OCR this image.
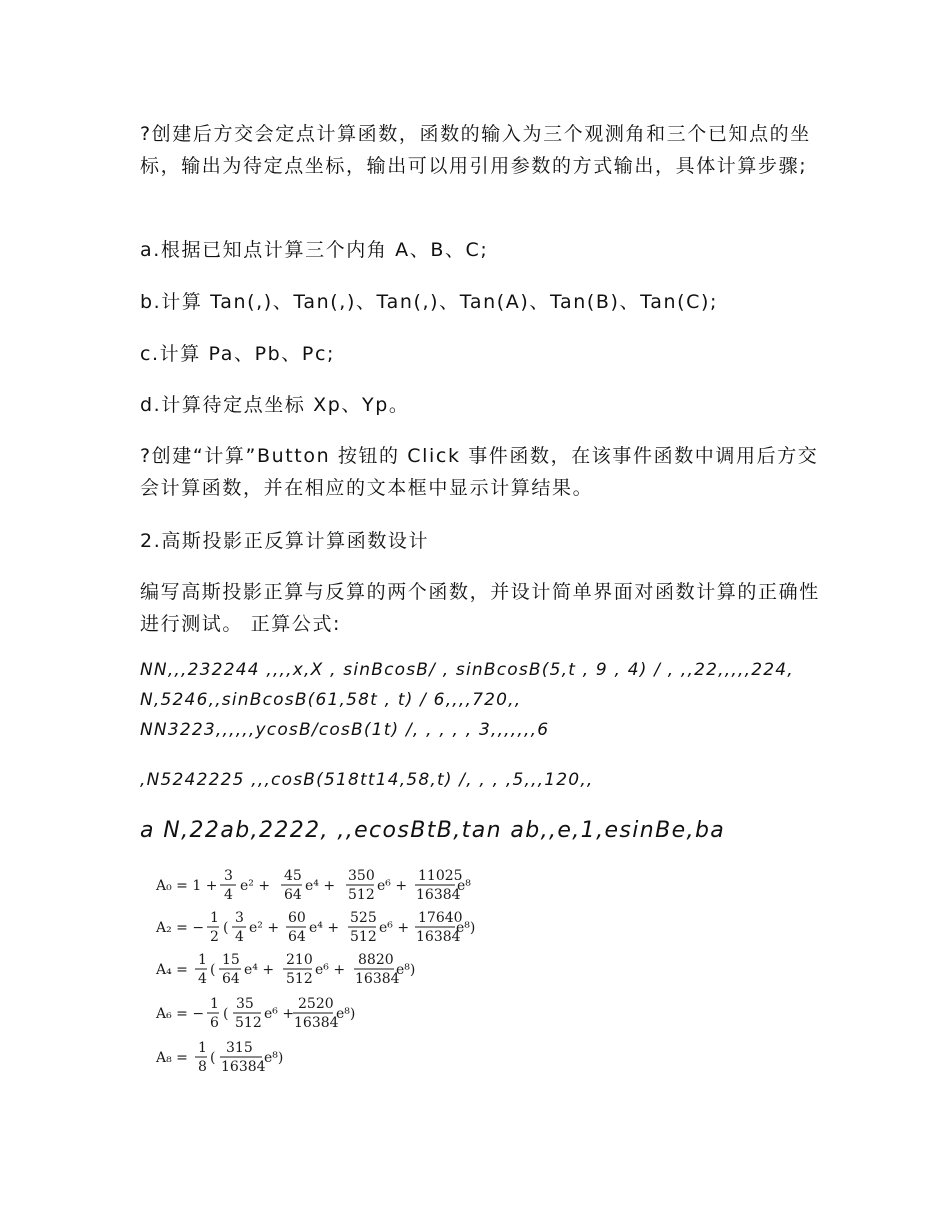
?创建后方交会定点计算函数，函数的输入为三个观测角和三个已知点的坐标，输出为待定点坐标，输出可以用引用参数的方式输出，具体计算步骤;

a.根据已知点计算三个内角 A、B、C;

b.计算 Tan(,)、Tan(,)、Tan(,)、Tan(A)、Tan(B)、Tan(C);

c.计算 Pa、Pb、Pc;

d.计算待定点坐标 Xp、Yp。

?创建“计算”Button 按钮的 Click 事件函数，在该事件函数中调用后方交会计算函数，并在相应的文本框中显示计算结果。

2.高斯投影正反算计算函数设计

编写高斯投影正算与反算的两个函数，并设计简单界面对函数计算的正确性进行测试。 正算公式:

NN,,,232244 ,,,,x,X , sinBcosB/ , sinBcosB(5,t , 9 , 4) / , ,,22,,,,,224,

N,5246,,sinBcosB(61,58t , t) / 6,,,,720,,

NN3223,,,,,,ycosB/cosB(1t) /, , , , , 3,,,,,,,6

,N5242225 ,,,cosB(518tt14,58,t) /, , , ,5,,,120,,

a N,22ab,2222, ,,ecosBtB,tan ab,,e,1,esinBe,ba

A₀ = 1 +
3
4
e² +
45
64
e⁴ +
350
512
e⁶ +
11025
16384
e⁸
A₂ = −
1
2
(
3
4
e² +
60
64
e⁴ +
525
512
e⁶ +
17640
16384
e⁸)
A₄ =
1
4
(
15
64
e⁴ +
210
512
e⁶ +
8820
16384
e⁸)
A₆ = −
1
6
(
35
512
e⁶ +
2520
16384
e⁸)
A₈ =
1
8
(
315
16384
e⁸)
